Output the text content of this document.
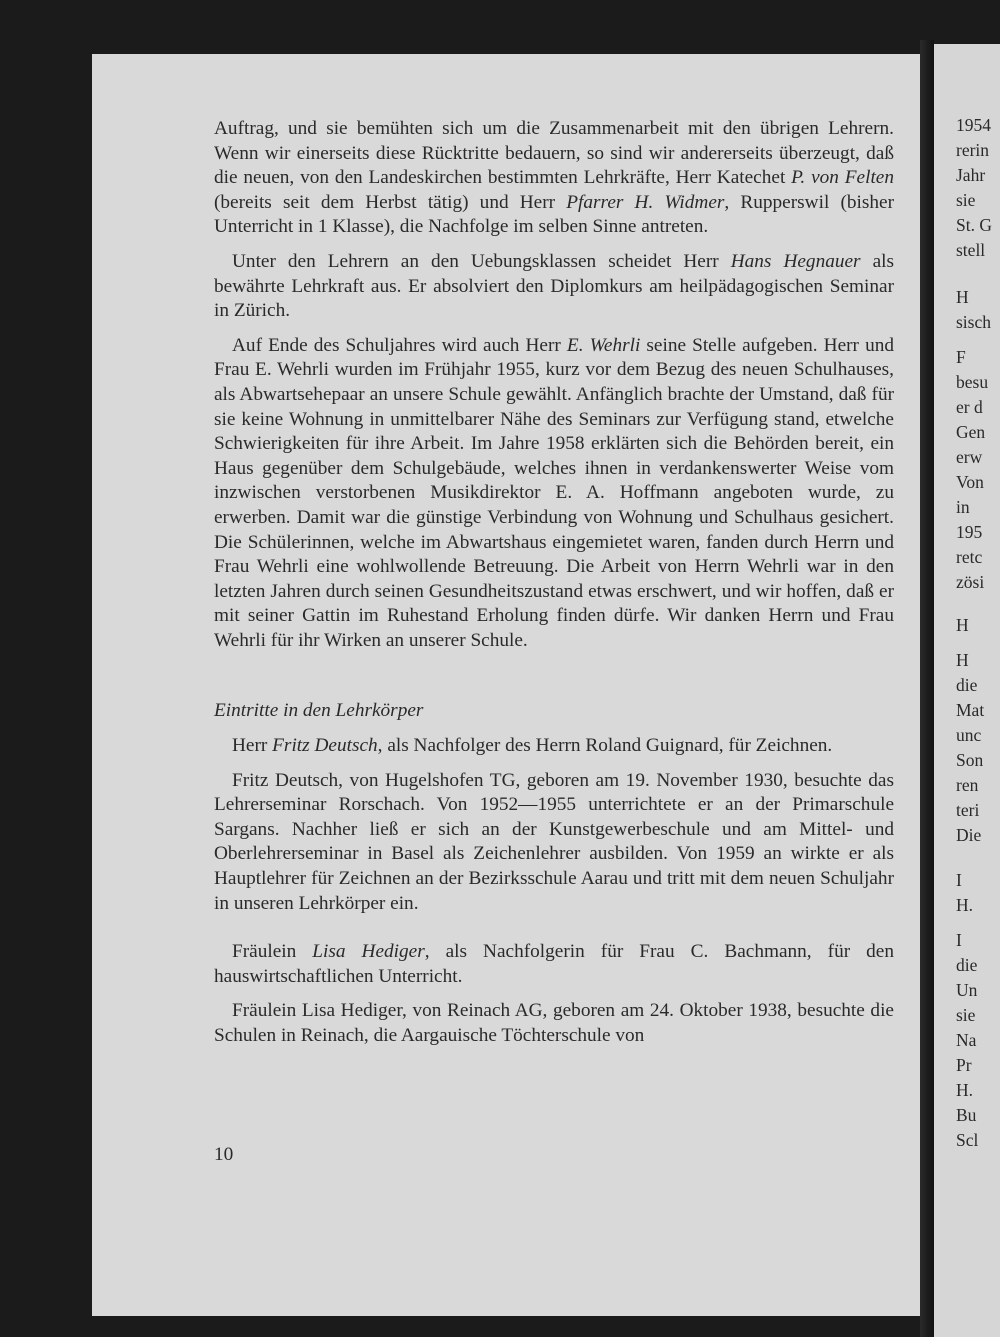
1954
rerin
Jahr
sie
St. G
stell
H
sisch
F
besu
er d
Gen
erw
Von
in
195
retc
zösi
H
H
die
Mat
unc
Son
ren
teri
Die
I
H.
I
die
Un
sie
Na
Pr
H.
Bu
Scl

Auftrag, und sie bemühten sich um die Zusammenarbeit mit den übrigen Lehrern. Wenn wir einerseits diese Rücktritte bedauern, so sind wir andererseits überzeugt, daß die neuen, von den Landeskirchen bestimmten Lehrkräfte, Herr Katechet P. von Felten (bereits seit dem Herbst tätig) und Herr Pfarrer H. Widmer, Rupperswil (bisher Unterricht in 1 Klasse), die Nachfolge im selben Sinne antreten.

Unter den Lehrern an den Uebungsklassen scheidet Herr Hans Hegnauer als bewährte Lehrkraft aus. Er absolviert den Diplomkurs am heilpädagogischen Seminar in Zürich.

Auf Ende des Schuljahres wird auch Herr E. Wehrli seine Stelle aufgeben. Herr und Frau E. Wehrli wurden im Frühjahr 1955, kurz vor dem Bezug des neuen Schulhauses, als Abwartsehepaar an unsere Schule gewählt. Anfänglich brachte der Umstand, daß für sie keine Wohnung in unmittelbarer Nähe des Seminars zur Verfügung stand, etwelche Schwierigkeiten für ihre Arbeit. Im Jahre 1958 erklärten sich die Behörden bereit, ein Haus gegenüber dem Schulgebäude, welches ihnen in verdankenswerter Weise vom inzwischen verstorbenen Musikdirektor E. A. Hoffmann angeboten wurde, zu erwerben. Damit war die günstige Verbindung von Wohnung und Schulhaus gesichert. Die Schülerinnen, welche im Abwartshaus eingemietet waren, fanden durch Herrn und Frau Wehrli eine wohlwollende Betreuung. Die Arbeit von Herrn Wehrli war in den letzten Jahren durch seinen Gesundheitszustand etwas erschwert, und wir hoffen, daß er mit seiner Gattin im Ruhestand Erholung finden dürfe. Wir danken Herrn und Frau Wehrli für ihr Wirken an unserer Schule.

Eintritte in den Lehrkörper

Herr Fritz Deutsch, als Nachfolger des Herrn Roland Guignard, für Zeichnen.

Fritz Deutsch, von Hugelshofen TG, geboren am 19. November 1930, besuchte das Lehrerseminar Rorschach. Von 1952—1955 unterrichtete er an der Primarschule Sargans. Nachher ließ er sich an der Kunstgewerbeschule und am Mittel- und Oberlehrerseminar in Basel als Zeichenlehrer ausbilden. Von 1959 an wirkte er als Hauptlehrer für Zeichnen an der Bezirksschule Aarau und tritt mit dem neuen Schuljahr in unseren Lehrkörper ein.

Fräulein Lisa Hediger, als Nachfolgerin für Frau C. Bachmann, für den hauswirtschaftlichen Unterricht.

Fräulein Lisa Hediger, von Reinach AG, geboren am 24. Oktober 1938, besuchte die Schulen in Reinach, die Aargauische Töchterschule von

10
